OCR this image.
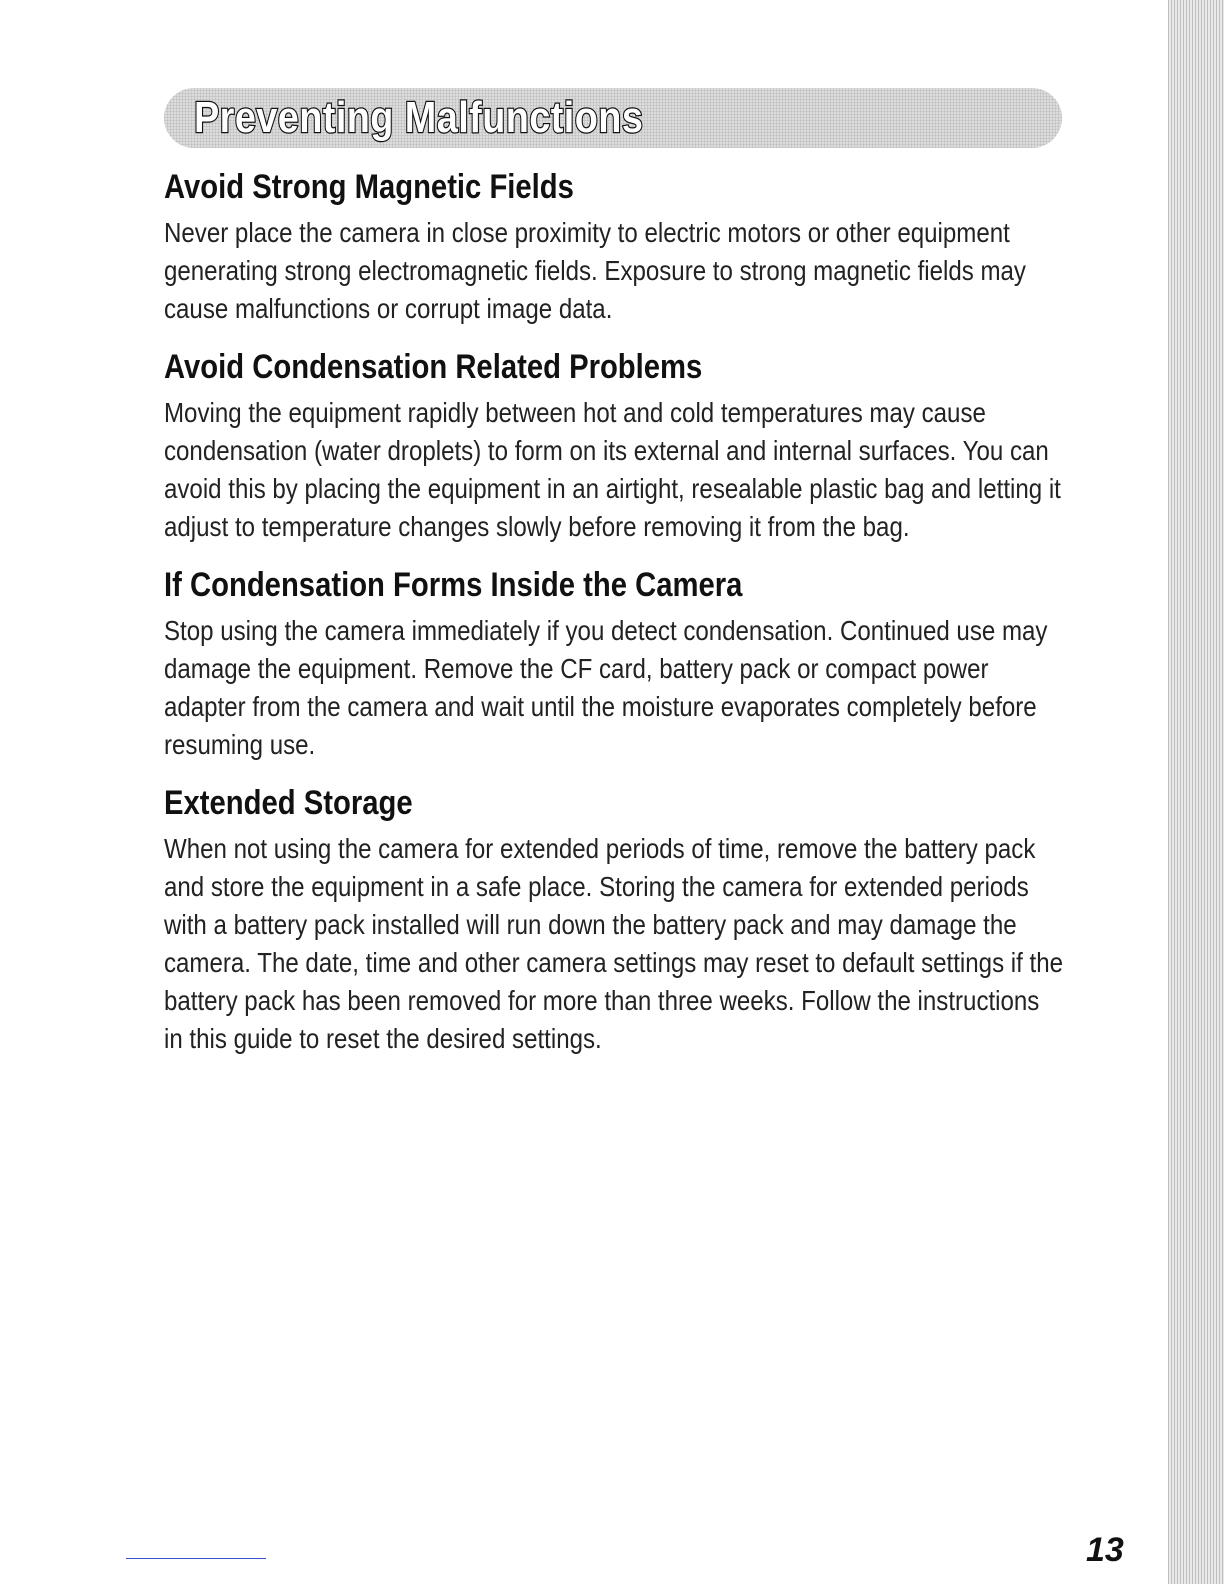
Preventing Malfunctions
Avoid Strong Magnetic Fields

Never place the camera in close proximity to electric motors or other equipment generating strong electromagnetic fields. Exposure to strong magnetic fields may cause malfunctions or corrupt image data.

Avoid Condensation Related Problems

Moving the equipment rapidly between hot and cold temperatures may cause condensation (water droplets) to form on its external and internal surfaces. You can avoid this by placing the equipment in an airtight, resealable plastic bag and letting it adjust to temperature changes slowly before removing it from the bag.

If Condensation Forms Inside the Camera

Stop using the camera immediately if you detect condensation. Continued use may damage the equipment. Remove the CF card, battery pack or compact power adapter from the camera and wait until the moisture evaporates completely before resuming use.

Extended Storage

When not using the camera for extended periods of time, remove the battery pack and store the equipment in a safe place. Storing the camera for extended periods with a battery pack installed will run down the battery pack and may damage the camera. The date, time and other camera settings may reset to default settings if the battery pack has been removed for more than three weeks. Follow the instructions in this guide to reset the desired settings.

13
